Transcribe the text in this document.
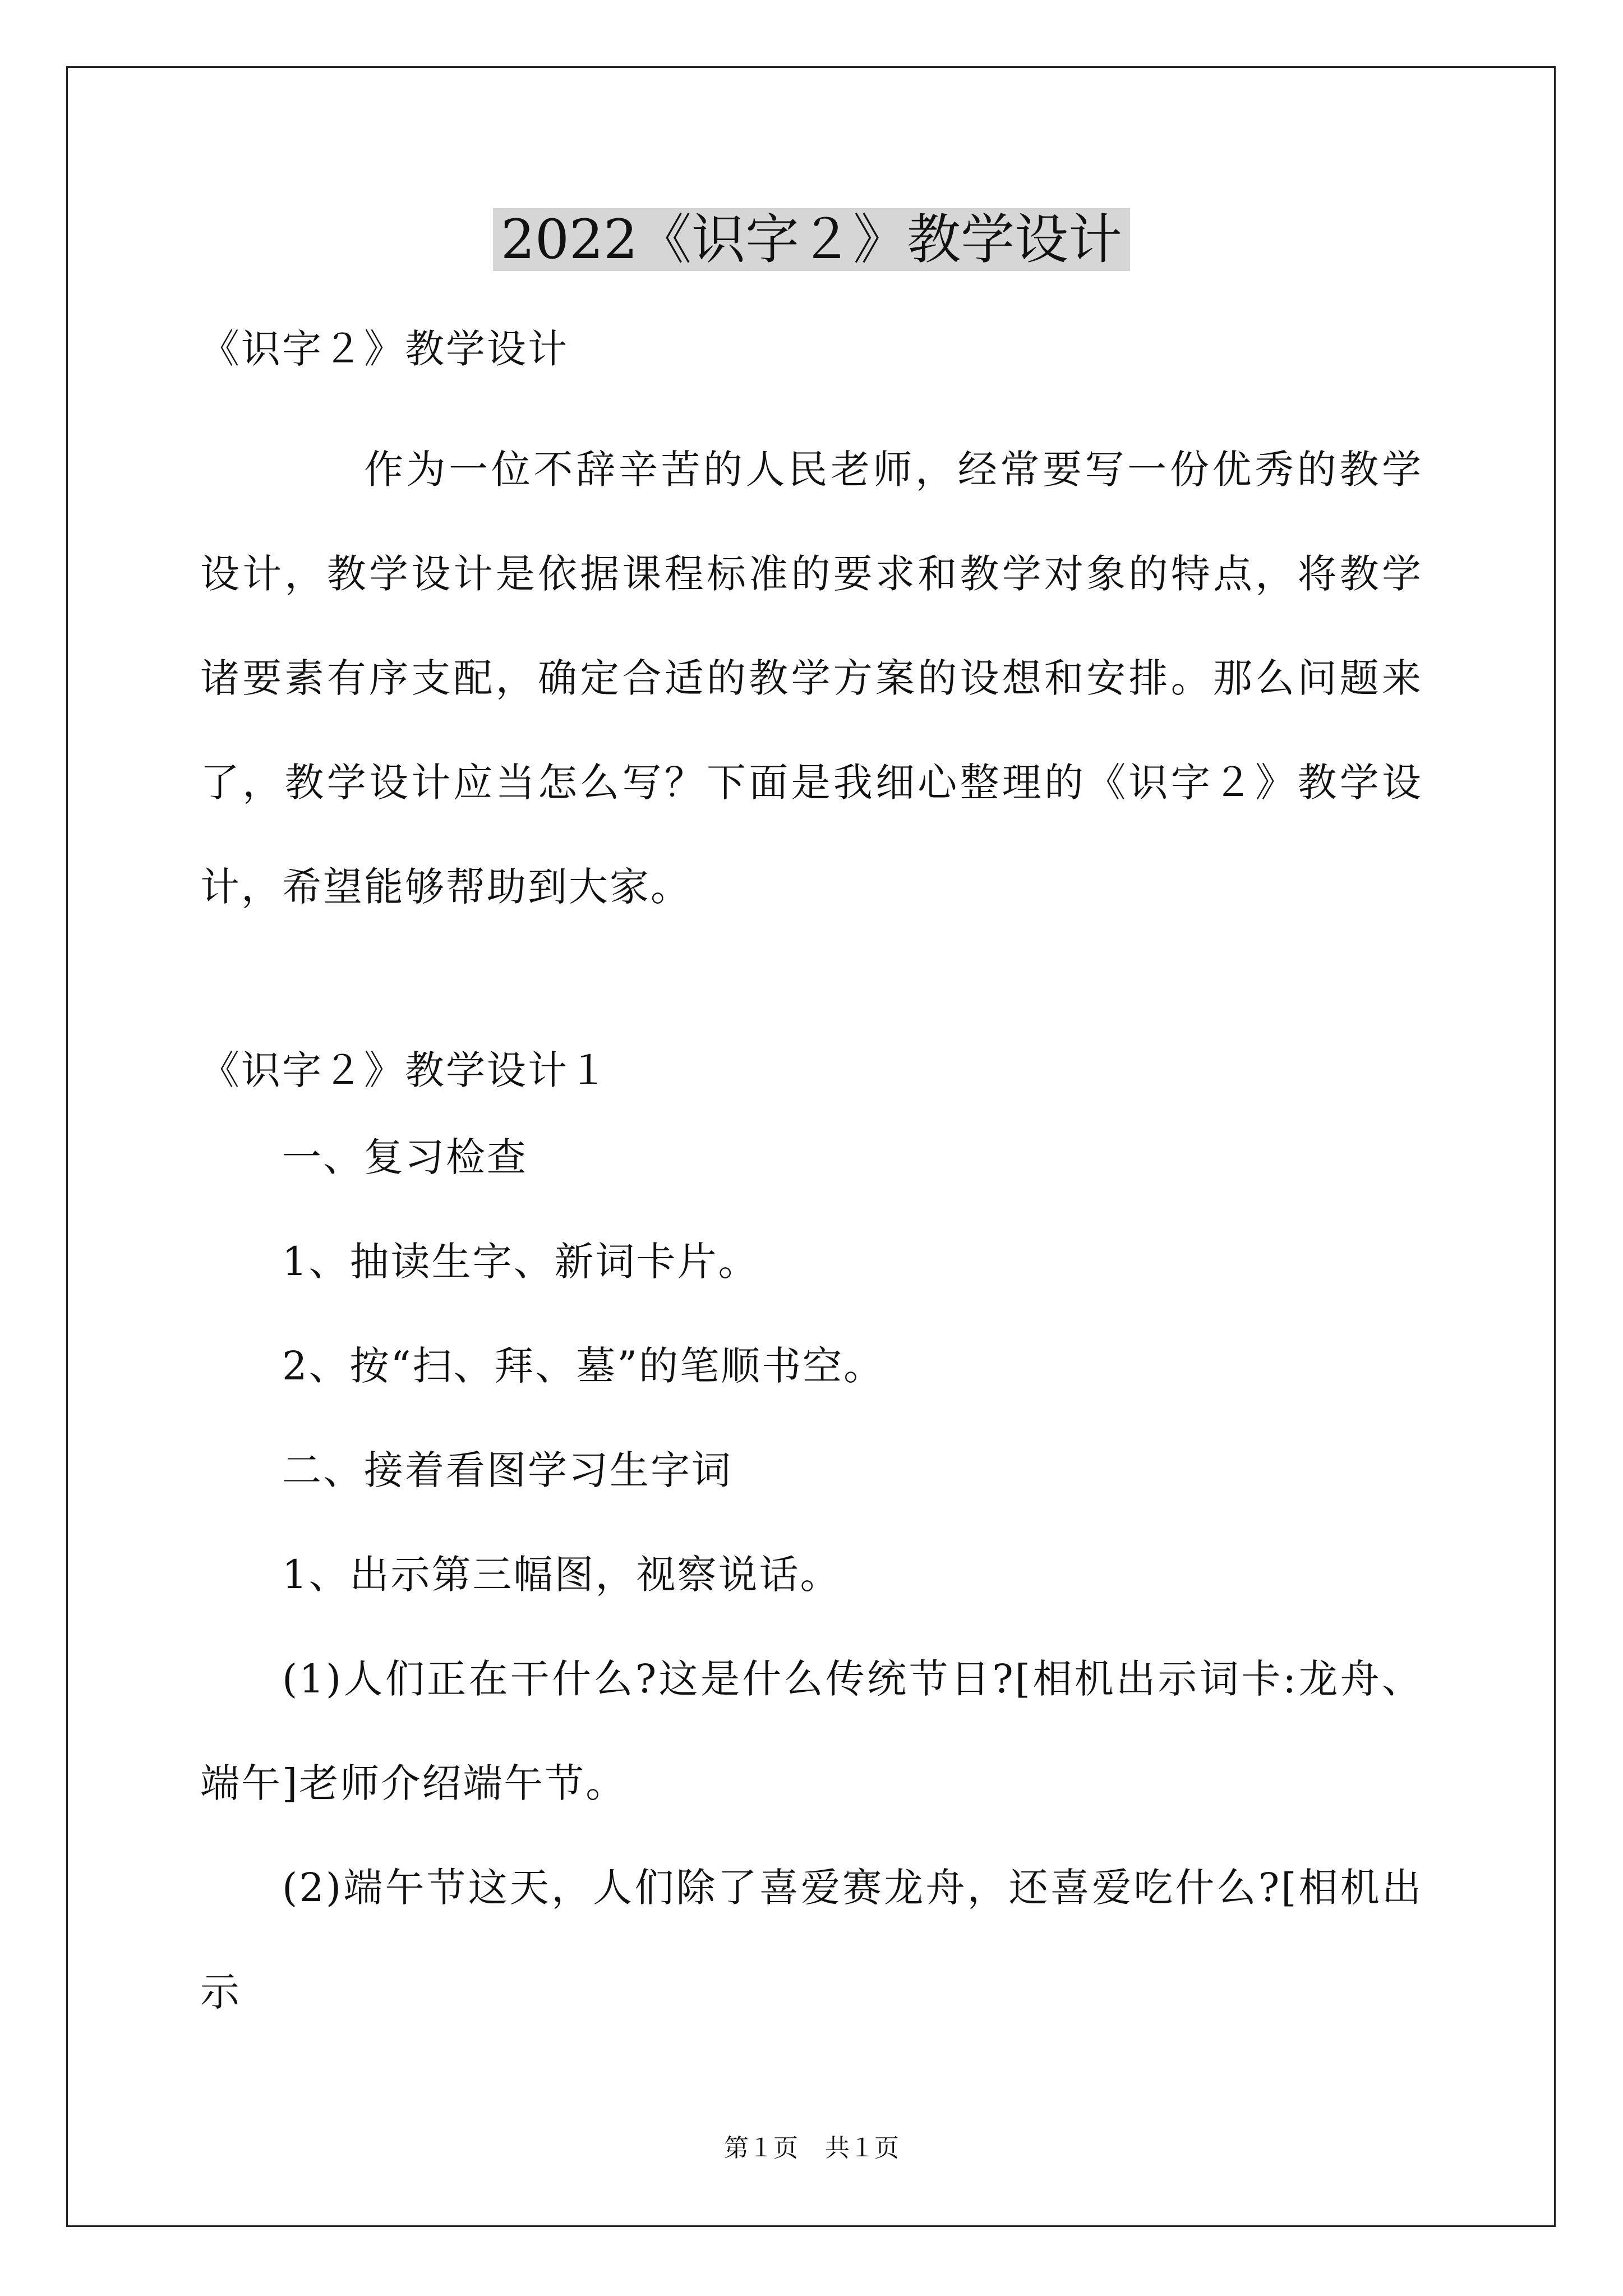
2022《识字２》教学设计

《识字２》教学设计

作为一位不辞辛苦的人民老师，经常要写一份优秀的教学设计，教学设计是依据课程标准的要求和教学对象的特点，将教学诸要素有序支配，确定合适的教学方案的设想和安排。那么问题来了，教学设计应当怎么写？下面是我细心整理的《识字２》教学设计，希望能够帮助到大家。

《识字２》教学设计１

一、复习检查

1、抽读生字、新词卡片。

2、按“扫、拜、墓”的笔顺书空。

二、接着看图学习生字词

1、出示第三幅图，视察说话。

(1)人们正在干什么?这是什么传统节日?[相机出示词卡:龙舟、端午]老师介绍端午节。

(2)端午节这天，人们除了喜爱赛龙舟，还喜爱吃什么?[相机出示

第１页 共１页
